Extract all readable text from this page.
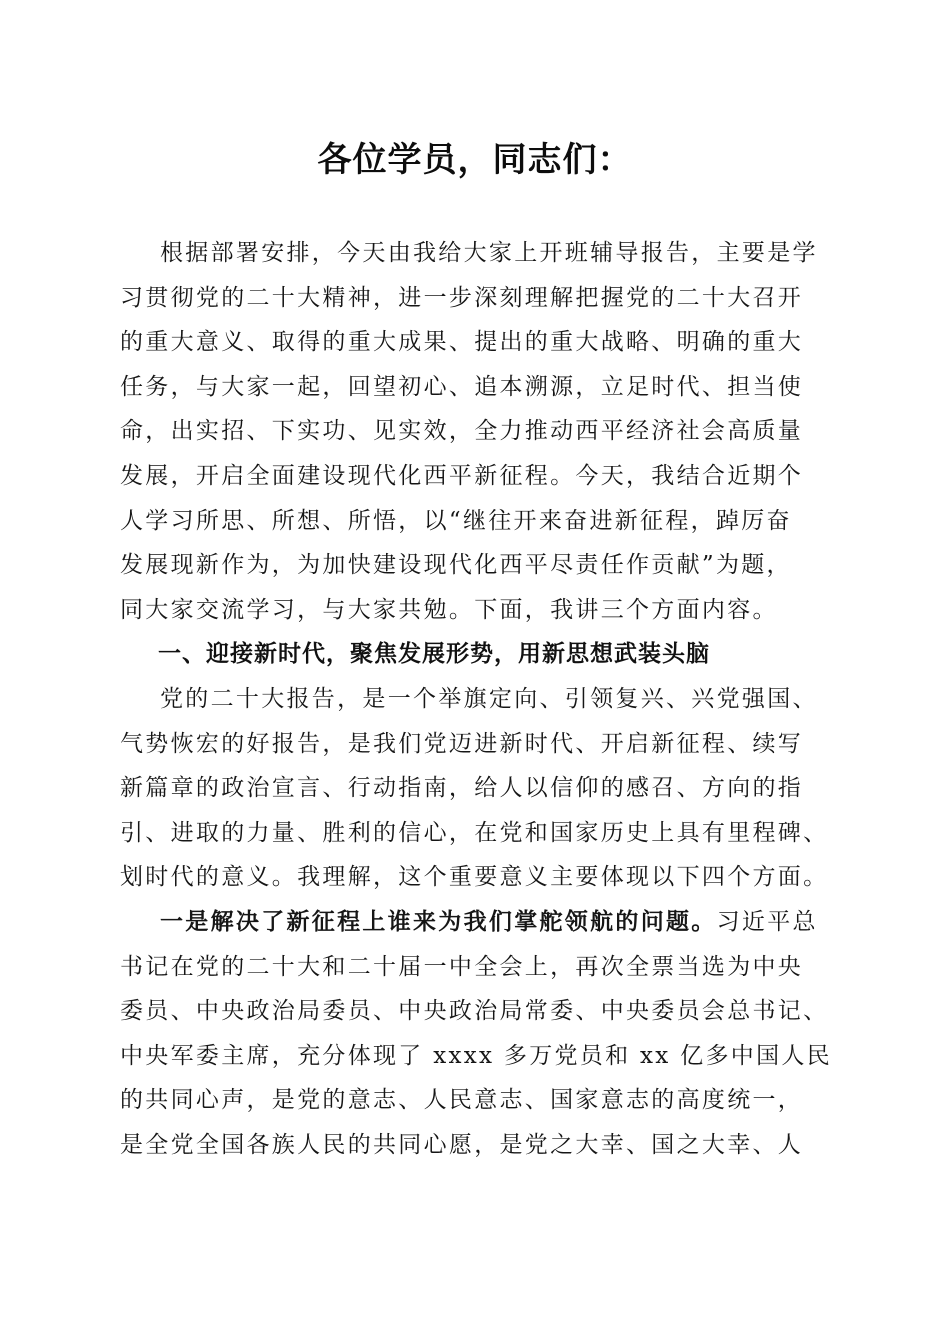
各位学员，同志们：

根据部署安排，今天由我给大家上开班辅导报告，主要是学
习贯彻党的二十大精神，进一步深刻理解把握党的二十大召开
的重大意义、取得的重大成果、提出的重大战略、明确的重大
任务，与大家一起，回望初心、追本溯源，立足时代、担当使
命，出实招、下实功、见实效，全力推动西平经济社会高质量
发展，开启全面建设现代化西平新征程。今天，我结合近期个
人学习所思、所想、所悟，以“继往开来奋进新征程，踔厉奋
发展现新作为，为加快建设现代化西平尽责任作贡献”为题，
同大家交流学习，与大家共勉。下面，我讲三个方面内容。

一、迎接新时代，聚焦发展形势，用新思想武装头脑

党的二十大报告，是一个举旗定向、引领复兴、兴党强国、
气势恢宏的好报告，是我们党迈进新时代、开启新征程、续写
新篇章的政治宣言、行动指南，给人以信仰的感召、方向的指
引、进取的力量、胜利的信心，在党和国家历史上具有里程碑、
划时代的意义。我理解，这个重要意义主要体现以下四个方面。

一是解决了新征程上谁来为我们掌舵领航的问题。习近平总
书记在党的二十大和二十届一中全会上，再次全票当选为中央
委员、中央政治局委员、中央政治局常委、中央委员会总书记、
中央军委主席，充分体现了 xxxx 多万党员和 xx 亿多中国人民
的共同心声，是党的意志、人民意志、国家意志的高度统一，
是全党全国各族人民的共同心愿，是党之大幸、国之大幸、人
